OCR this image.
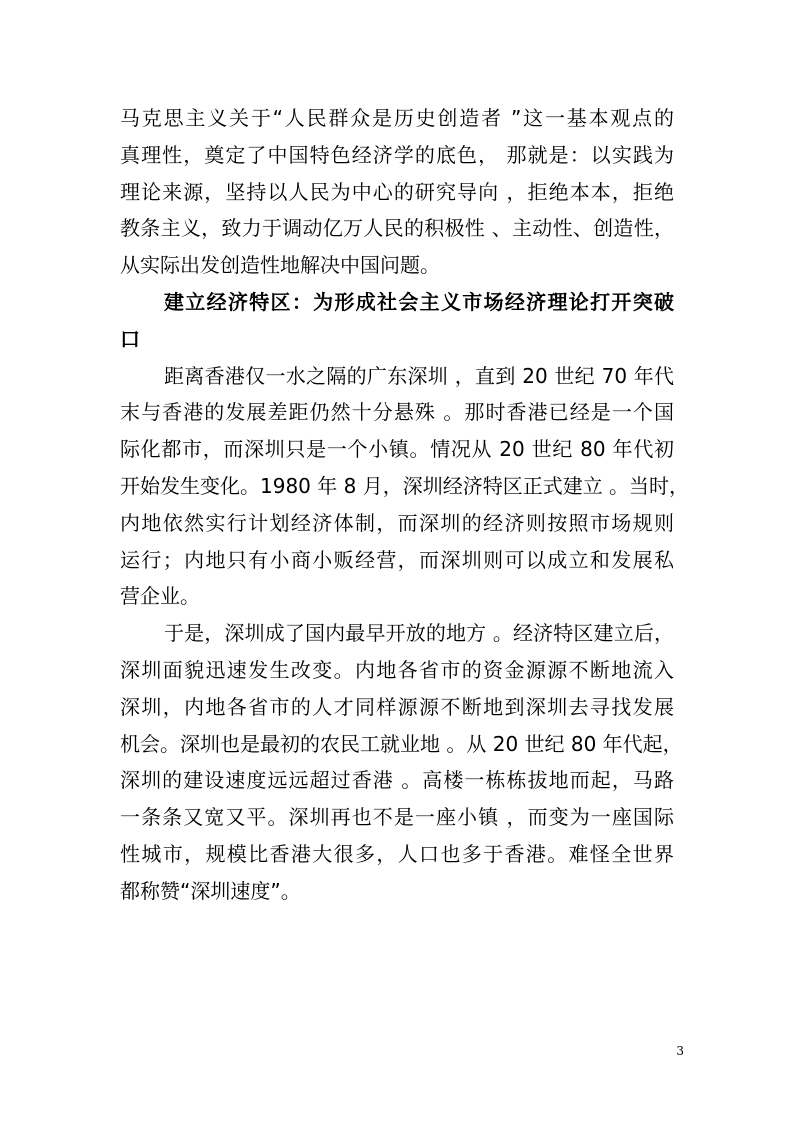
马克思主义关于“人民群众是历史创造者 ”这一基本观点的
真理性，奠定了中国特色经济学的底色， 那就是：以实践为
理论来源，坚持以人民为中心的研究导向 ，拒绝本本，拒绝
教条主义，致力于调动亿万人民的积极性 、主动性、创造性，
从实际出发创造性地解决中国问题。
建立经济特区：为形成社会主义市场经济理论打开突破
口
距离香港仅一水之隔的广东深圳 ，直到 20 世纪 70 年代
末与香港的发展差距仍然十分悬殊 。那时香港已经是一个国
际化都市，而深圳只是一个小镇。情况从 20 世纪 80 年代初
开始发生变化。1980 年 8 月，深圳经济特区正式建立 。当时，
内地依然实行计划经济体制，而深圳的经济则按照市场规则
运行；内地只有小商小贩经营，而深圳则可以成立和发展私
营企业。
于是，深圳成了国内最早开放的地方 。经济特区建立后，
深圳面貌迅速发生改变。内地各省市的资金源源不断地流入
深圳，内地各省市的人才同样源源不断地到深圳去寻找发展
机会。深圳也是最初的农民工就业地 。从 20 世纪 80 年代起，
深圳的建设速度远远超过香港 。高楼一栋栋拔地而起，马路
一条条又宽又平。深圳再也不是一座小镇 ，而变为一座国际
性城市，规模比香港大很多，人口也多于香港。难怪全世界
都称赞“深圳速度”。
3
